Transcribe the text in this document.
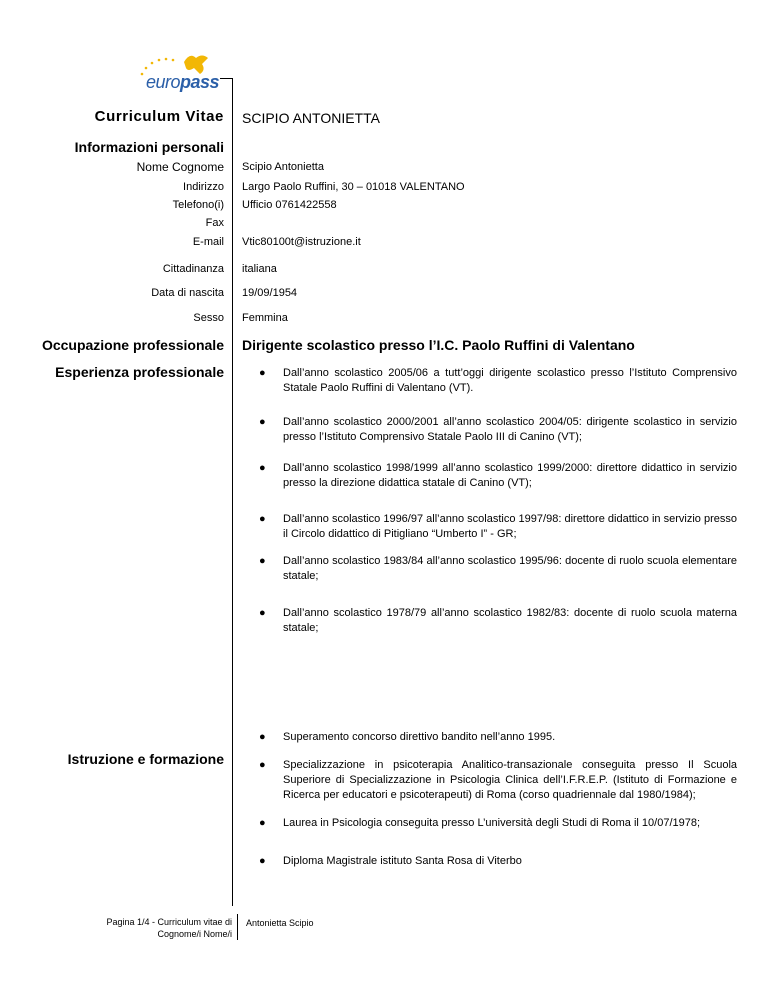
europass
Curriculum Vitae SCIPIO ANTONIETTA
Informazioni personali
Nome Cognome Scipio Antonietta
Indirizzo Largo Paolo Ruffini, 30 – 01018 VALENTANO
Telefono(i) Ufficio 0761422558
Fax
E-mail Vtic80100t@istruzione.it
Cittadinanza italiana
Data di nascita 19/09/1954
Sesso Femmina
Occupazione professionale Dirigente scolastico presso l’I.C. Paolo Ruffini di Valentano
Esperienza professionale	● Dall’anno scolastico 2005/06 a tutt’oggi dirigente scolastico presso l’Istituto Comprensivo Statale Paolo Ruffini di Valentano (VT).
● Dall’anno scolastico 2000/2001 all’anno scolastico 2004/05: dirigente scolastico in servizio presso l’Istituto Comprensivo Statale Paolo III di Canino (VT);
● Dall’anno scolastico 1998/1999 all’anno scolastico 1999/2000: direttore didattico in servizio presso la direzione didattica statale di Canino (VT);
● Dall’anno scolastico 1996/97 all’anno scolastico 1997/98: direttore didattico in servizio presso il Circolo didattico di Pitigliano “Umberto I” - GR;
● Dall’anno scolastico 1983/84 all’anno scolastico 1995/96: docente di ruolo scuola elementare statale;
● Dall’anno scolastico 1978/79 all’anno scolastico 1982/83: docente di ruolo scuola materna statale;
Istruzione e formazione
● Superamento concorso direttivo bandito nell’anno 1995.
● Specializzazione in psicoterapia Analitico-transazionale conseguita presso Il Scuola Superiore di Specializzazione in Psicologia Clinica dell’I.F.R.E.P. (Istituto di Formazione e Ricerca per educatori e psicoterapeuti) di Roma (corso quadriennale dal 1980/1984);
● Laurea in Psicologia conseguita presso L’università degli Studi di Roma il 10/07/1978;
● Diploma Magistrale istituto Santa Rosa di Viterbo
Pagina 1/4 - Curriculum vitae di
Cognome/i Nome/i
Antonietta Scipio
